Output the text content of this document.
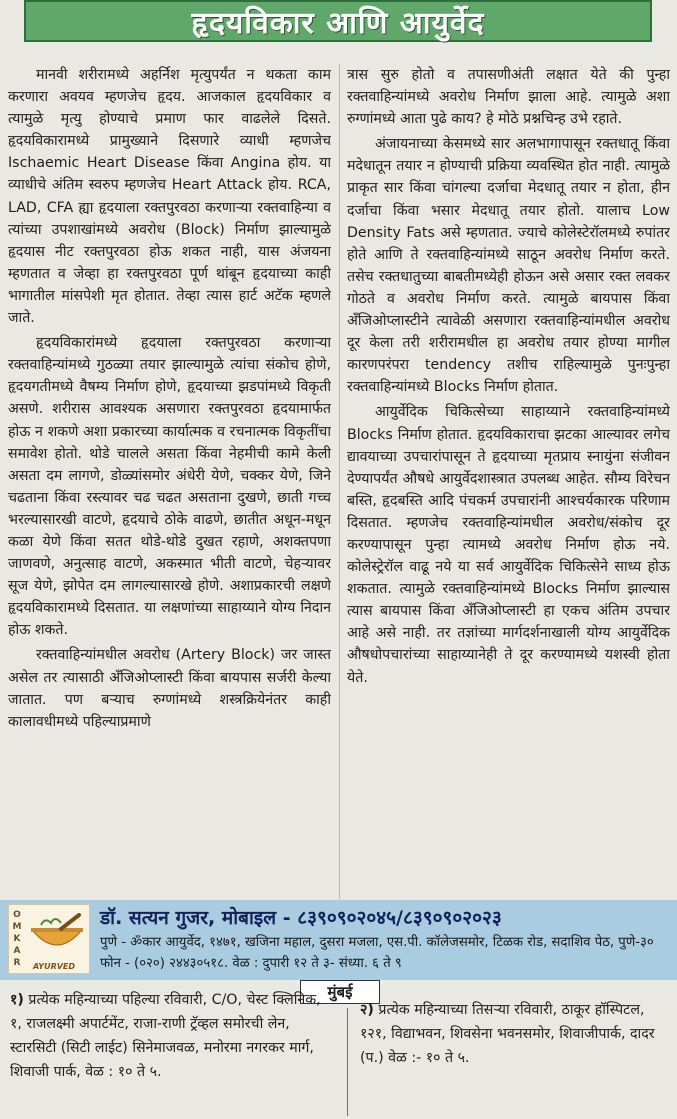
हृदयविकार आणि आयुर्वेद

मानवी शरीरामध्ये अहर्निश मृत्युपर्यंत न थकता काम करणारा अवयव म्हणजेच हृदय. आजकाल हृदयविकार व त्यामुळे मृत्यु होण्याचे प्रमाण फार वाढलेले दिसते. हृदयविकारामध्ये प्रामुख्याने दिसणारे व्याधी म्हणजेच Ischaemic Heart Disease किंवा Angina होय. या व्याधीचे अंतिम स्वरुप म्हणजेच Heart Attack होय. RCA, LAD, CFA ह्या हृदयाला रक्तपुरवठा करणाऱ्या रक्तवाहिन्या व त्यांच्या उपशाखांमध्ये अवरोध (Block) निर्माण झाल्यामुळे हृदयास नीट रक्तपुरवठा होऊ शकत नाही, यास अंजयना म्हणतात व जेव्हा हा रक्तपुरवठा पूर्ण थांबून हृदयाच्या काही भागातील मांसपेशी मृत होतात. तेव्हा त्यास हार्ट अटॅक म्हणले जाते.

हृदयविकारांमध्ये हृदयाला रक्तपुरवठा करणाऱ्या रक्तवाहिन्यांमध्ये गुठळ्या तयार झाल्यामुळे त्यांचा संकोच होणे, हृदयगतीमध्ये वैषम्य निर्माण होणे, हृदयाच्या झडपांमध्ये विकृती असणे. शरीरास आवश्यक असणारा रक्तपुरवठा हृदयामार्फत होऊ न शकणे अशा प्रकारच्या कार्यात्मक व रचनात्मक विकृतींचा समावेश होतो. थोडे चालले असता किंवा नेहमीची कामे केली असता दम लागणे, डोळ्यांसमोर अंधेरी येणे, चक्कर येणे, जिने चढताना किंवा रस्त्यावर चढ चढत असताना दुखणे, छाती गच्च भरल्यासारखी वाटणे, हृदयाचे ठोके वाढणे, छातीत अधून-मधून कळा येणे किंवा सतत थोडे-थोडे दुखत रहाणे, अशक्तपणा जाणवणे, अनुत्साह वाटणे, अकस्मात भीती वाटणे, चेहऱ्यावर सूज येणे, झोपेत दम लागल्यासारखे होणे. अशाप्रकारची लक्षणे हृदयविकारामध्ये दिसतात. या लक्षणांच्या साहाय्याने योग्य निदान होऊ शकते.

रक्तवाहिन्यांमधील अवरोध (Artery Block) जर जास्त असेल तर त्यासाठी अँजिओप्लास्टी किंवा बायपास सर्जरी केल्या जातात. पण बऱ्याच रुग्णांमध्ये शस्त्रक्रियेनंतर काही कालावधीमध्ये पहिल्याप्रमाणे

त्रास सुरु होतो व तपासणीअंती लक्षात येते की पुन्हा रक्तवाहिन्यांमध्ये अवरोध निर्माण झाला आहे. त्यामुळे अशा रुग्णांमध्ये आता पुढे काय? हे मोठे प्रश्नचिन्ह उभे रहाते.

अंजायनाच्या केसमध्ये सार अलभागापासून रक्तधातू किंवा मदेधातून तयार न होण्याची प्रक्रिया व्यवस्थित होत नाही. त्यामुळे प्राकृत सार किंवा चांगल्या दर्जाचा मेदधातू तयार न होता, हीन दर्जाचा किंवा भसार मेदधातू तयार होतो. यालाच Low Density Fats असे म्हणतात. ज्याचे कोलेस्टेरॉलमध्ये रुपांतर होते आणि ते रक्तवाहिन्यांमध्ये साठून अवरोध निर्माण करते. तसेच रक्तधातुच्या बाबतीमध्येही होऊन असे असार रक्त लवकर गोठते व अवरोध निर्माण करते. त्यामुळे बायपास किंवा अँजिओप्लास्टीने त्यावेळी असणारा रक्तवाहिन्यांमधील अवरोध दूर केला तरी शरीरामधील हा अवरोध तयार होण्या मागील कारणपरंपरा tendency तशीच राहिल्यामुळे पुनःपुन्हा रक्तवाहिन्यांमध्ये Blocks निर्माण होतात.

आयुर्वेदिक चिकित्सेच्या साहाय्याने रक्तवाहिन्यांमध्ये Blocks निर्माण होतात. हृदयविकाराचा झटका आल्यावर लगेच द्यावयाच्या उपचारांपासून ते हृदयाच्या मृतप्राय स्नायुंना संजीवन देण्यापर्यंत औषधे आयुर्वेदशास्त्रात उपलब्ध आहेत. सौम्य विरेचन बस्ति, हृदबस्ति आदि पंचकर्म उपचारांनी आश्चर्यकारक परिणाम दिसतात. म्हणजेच रक्तवाहिन्यांमधील अवरोध/संकोच दूर करण्यापासून पुन्हा त्यामध्ये अवरोध निर्माण होऊ नये. कोलेस्ट्रेरॉल वाढू नये या सर्व आयुर्वेदिक चिकित्सेने साध्य होऊ शकतात. त्यामुळे रक्तवाहिन्यांमध्ये Blocks निर्माण झाल्यास त्यास बायपास किंवा अँजिओप्लास्टी हा एकच अंतिम उपचार आहे असे नाही. तर तज्ञांच्या मार्गदर्शनाखाली योग्य आयुर्वेदिक औषधोपचारांच्या साहाय्यानेही ते दूर करण्यामध्ये यशस्वी होता येते.

O
M
K
A
R	AYURVED
डॉ. सत्यन गुजर, मोबाइल - ८३९०९०२०४५/८३९०९०२०२३
पुणे - ॐकार आयुर्वेद, १४७१, खजिना महाल, दुसरा मजला, एस.पी. कॉलेजसमोर, टिळक रोड, सदाशिव पेठ, पुणे-३० फोन - (०२०) २४४३०५१८. वेळ : दुपारी १२ ते ३- संध्या. ६ ते ९
मुंबई
१) प्रत्येक महिन्याच्या पहिल्या रविवारी, C/O, चेस्ट क्लिनिक, १, राजलक्ष्मी अपार्टमेंट, राजा-राणी ट्रॅव्हल समोरची लेन, स्टारसिटी (सिटी लाईट) सिनेमाजवळ, मनोरमा नगरकर मार्ग, शिवाजी पार्क, वेळ : १० ते ५.
२) प्रत्येक महिन्याच्या तिसऱ्या रविवारी, ठाकूर हॉस्पिटल, १२१, विद्याभवन, शिवसेना भवनसमोर, शिवाजीपार्क, दादर (प.) वेळ :- १० ते ५.
